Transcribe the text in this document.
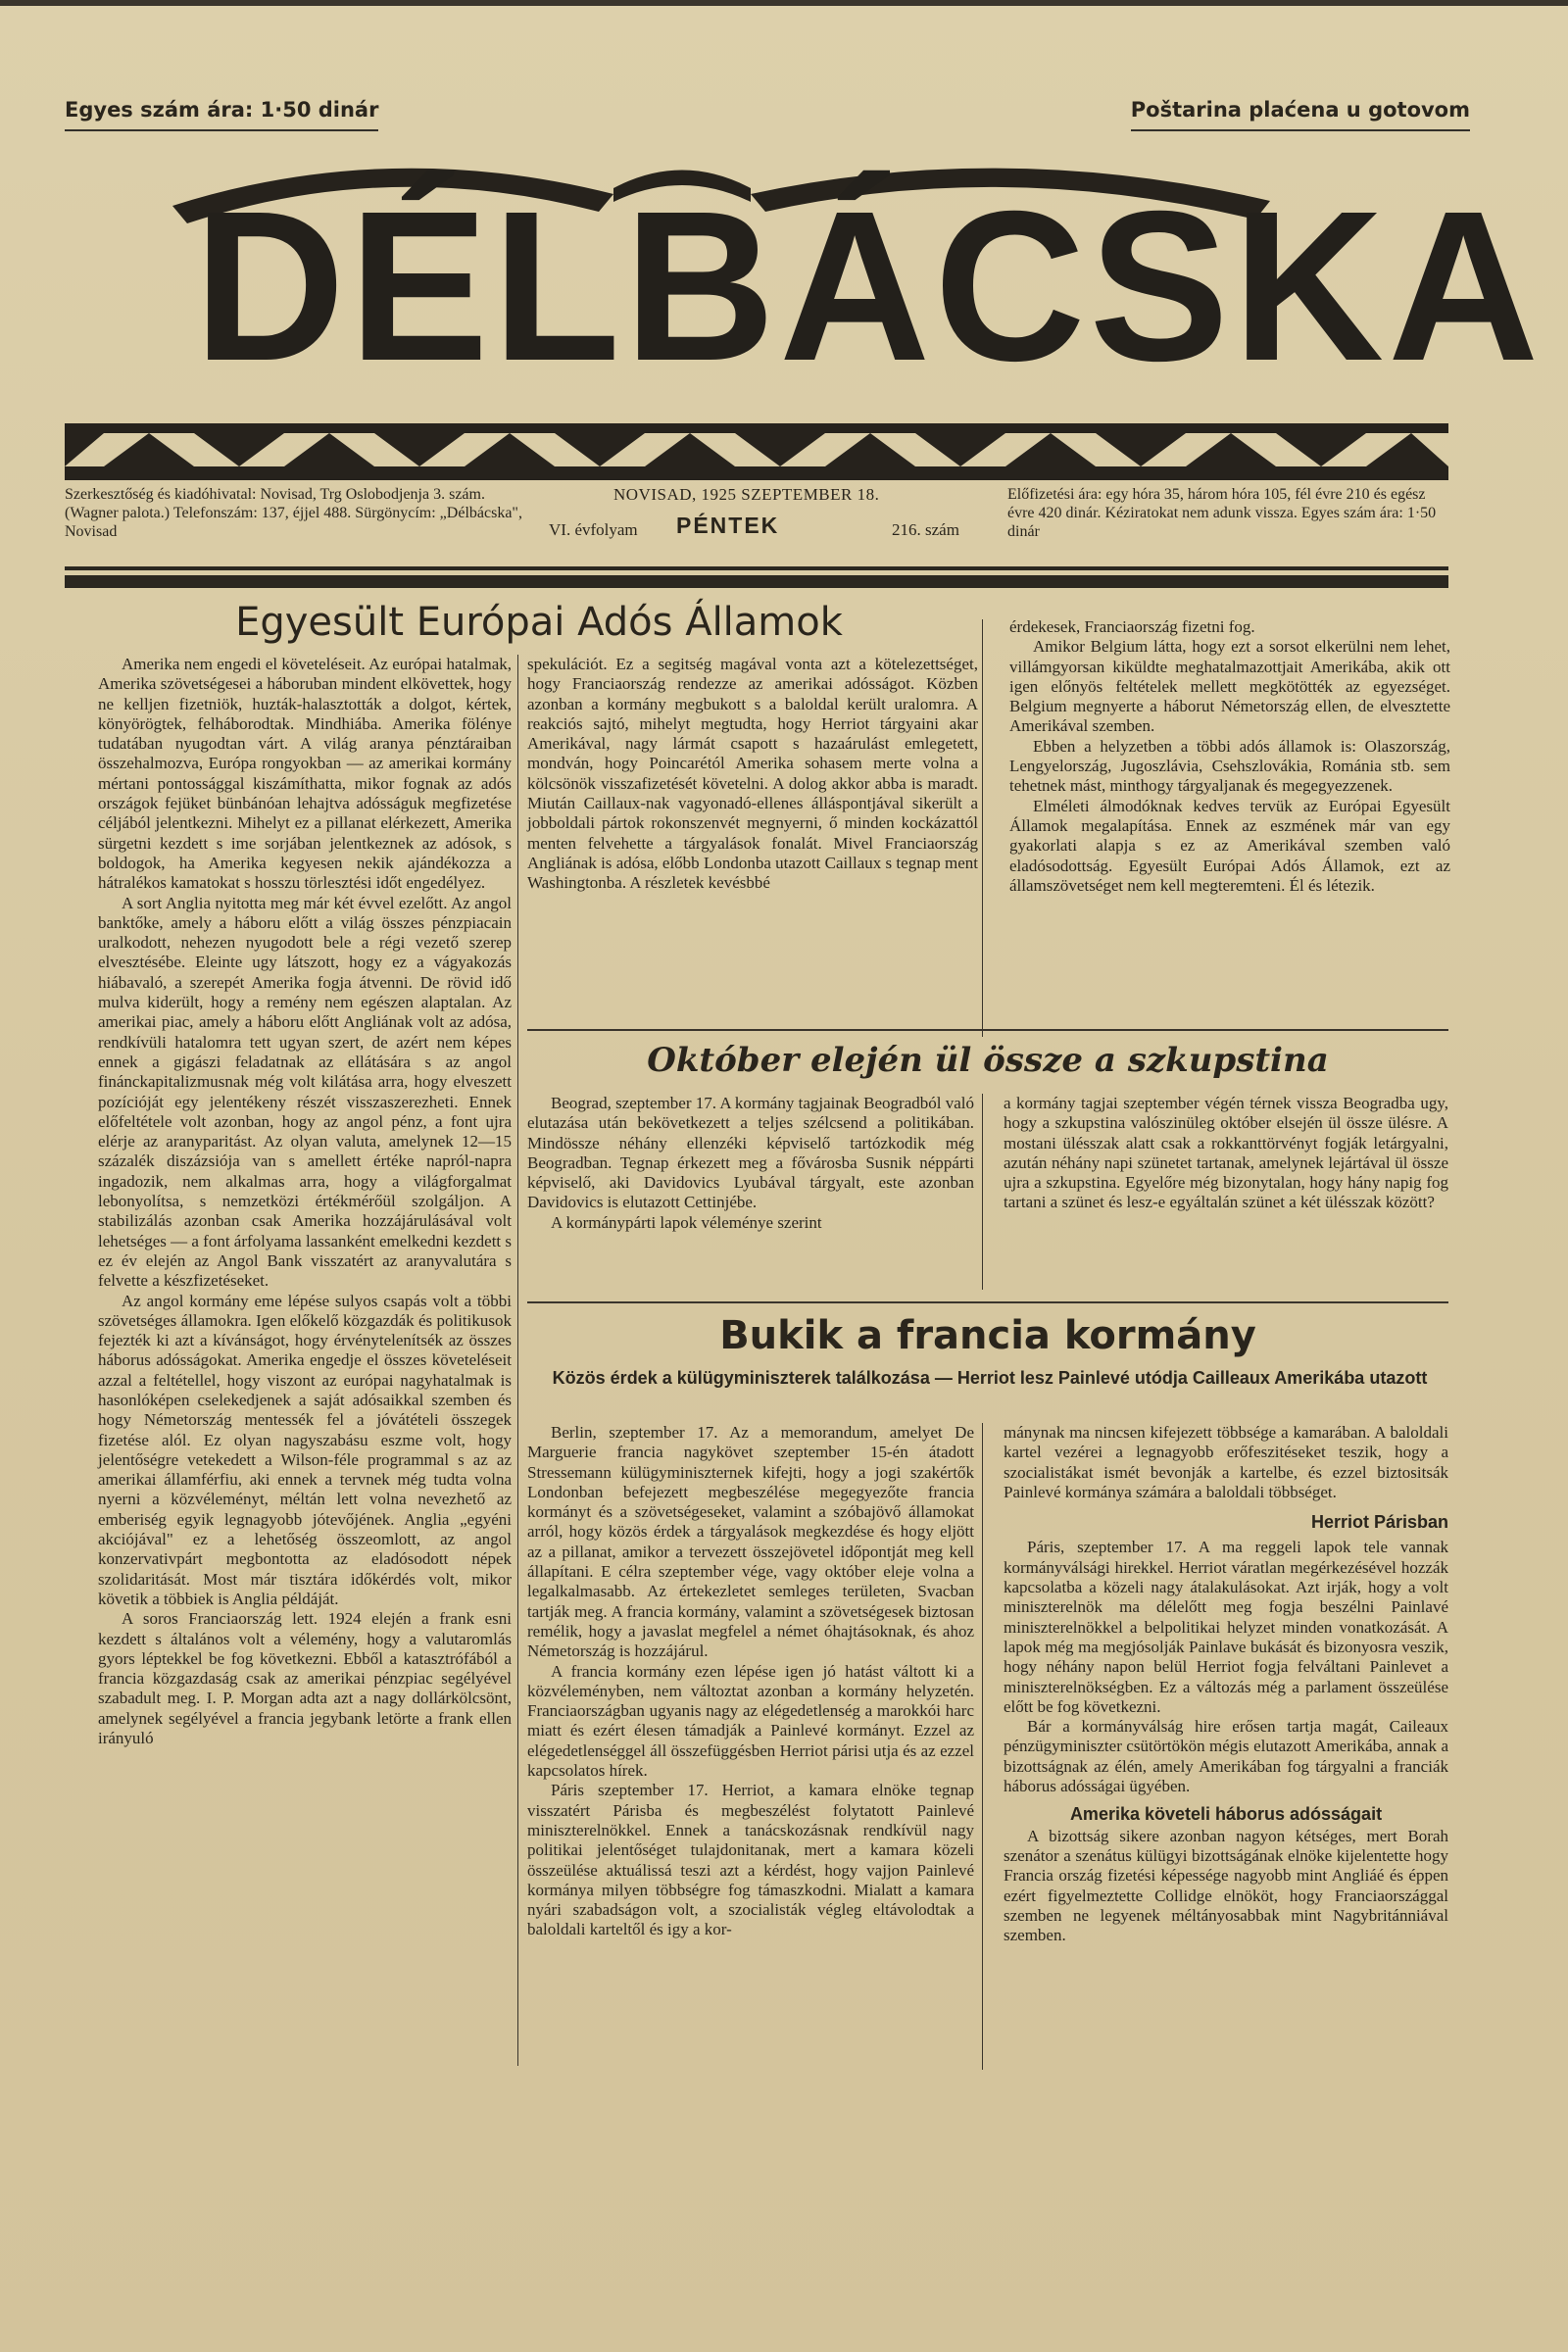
Egyes szám ára: 1·50 dinár	Poštarina plaćena u gotovom
DÉLBÁCSKA
Szerkesztőség és kiadóhivatal: Novisad, Trg Oslobodjenja 3. szám. (Wagner palota.) Telefonszám: 137, éjjel 488. Sürgönycím: „Délbácska", Novisad
NOVISAD, 1925 SZEPTEMBER 18.
VI. évfolyam PÉNTEK	216. szám
Előfizetési ára: egy hóra 35, három hóra 105, fél évre 210 és egész évre 420 dinár. Kéziratokat nem adunk vissza. Egyes szám ára: 1·50 dinár
Egyesült Európai Adós Államok

Amerika nem engedi el követeléseit. Az európai hatalmak, Amerika szövetségesei a háboruban mindent elkövettek, hogy ne kelljen fizetniök, huzták-halasztották a dolgot, kértek, könyörögtek, felháborodtak. Mindhiába. Amerika fölénye tudatában nyugodtan várt. A világ aranya pénztáraiban összehalmozva, Európa rongyokban — az amerikai kormány mértani pontossággal kiszámíthatta, mikor fognak az adós országok fejüket bünbánóan lehajtva adósságuk megfizetése céljából jelentkezni. Mihelyt ez a pillanat elérkezett, Amerika sürgetni kezdett s ime sorjában jelentkeznek az adósok, s boldogok, ha Amerika kegyesen nekik ajándékozza a hátralékos kamatokat s hosszu törlesztési időt engedélyez.

A sort Anglia nyitotta meg már két évvel ezelőtt. Az angol banktőke, amely a háboru előtt a világ összes pénzpiacain uralkodott, nehezen nyugodott bele a régi vezető szerep elvesztésébe. Eleinte ugy látszott, hogy ez a vágyakozás hiábavaló, a szerepét Amerika fogja átvenni. De rövid idő mulva kiderült, hogy a remény nem egészen alaptalan. Az amerikai piac, amely a háboru előtt Angliának volt az adósa, rendkívüli hatalomra tett ugyan szert, de azért nem képes ennek a gigászi feladatnak az ellátására s az angol finánckapitalizmusnak még volt kilátása arra, hogy elveszett pozícióját egy jelentékeny részét visszaszerezheti. Ennek előfeltétele volt azonban, hogy az angol pénz, a font ujra elérje az aranyparitást. Az olyan valuta, amelynek 12—15 százalék diszázsiója van s amellett értéke napról-napra ingadozik, nem alkalmas arra, hogy a világforgalmat lebonyolítsa, s nemzetközi értékmérőül szolgáljon. A stabilizálás azonban csak Amerika hozzájárulásával volt lehetséges — a font árfolyama lassanként emelkedni kezdett s ez év elején az Angol Bank visszatért az aranyvalutára s felvette a készfizetéseket.

Az angol kormány eme lépése sulyos csapás volt a többi szövetséges államokra. Igen előkelő közgazdák és politikusok fejezték ki azt a kívánságot, hogy érvénytelenítsék az összes háborus adósságokat. Amerika engedje el összes követeléseit azzal a feltétellel, hogy viszont az európai nagyhatalmak is hasonlóképen cselekedjenek a saját adósaikkal szemben és hogy Németország mentessék fel a jóvátételi összegek fizetése alól. Ez olyan nagyszabásu eszme volt, hogy jelentőségre vetekedett a Wilson-féle programmal s az az amerikai államférfiu, aki ennek a tervnek még tudta volna nyerni a közvéleményt, méltán lett volna nevezhető az emberiség egyik legnagyobb jótevőjének. Anglia „egyéni akciójával" ez a lehetőség összeomlott, az angol konzervativpárt megbontotta az eladósodott népek szolidaritását. Most már tisztára időkérdés volt, mikor követik a többiek is Anglia példáját.

A soros Franciaország lett. 1924 elején a frank esni kezdett s általános volt a vélemény, hogy a valutaromlás gyors léptekkel be fog következni. Ebből a katasztrófából a francia közgazdaság csak az amerikai pénzpiac segélyével szabadult meg. I. P. Morgan adta azt a nagy dollárkölcsönt, amelynek segélyével a francia jegybank letörte a frank ellen irányuló

spekulációt. Ez a segitség magával vonta azt a kötelezettséget, hogy Franciaország rendezze az amerikai adósságot. Közben azonban a kormány megbukott s a baloldal került uralomra. A reakciós sajtó, mihelyt megtudta, hogy Herriot tárgyaini akar Amerikával, nagy lármát csapott s hazaárulást emlegetett, mondván, hogy Poincarétól Amerika sohasem merte volna a kölcsönök visszafizetését követelni. A dolog akkor abba is maradt. Miután Caillaux-nak vagyonadó-ellenes álláspontjával sikerült a jobboldali pártok rokonszenvét megnyerni, ő minden kockázattól menten felvehette a tárgyalások fonalát. Mivel Franciaország Angliának is adósa, előbb Londonba utazott Caillaux s tegnap ment Washingtonba. A részletek kevésbbé

érdekesek, Franciaország fizetni fog.

Amikor Belgium látta, hogy ezt a sorsot elkerülni nem lehet, villámgyorsan kiküldte meghatalmazottjait Amerikába, akik ott igen előnyös feltételek mellett megkötötték az egyezséget. Belgium megnyerte a háborut Németország ellen, de elvesztette Amerikával szemben.

Ebben a helyzetben a többi adós államok is: Olaszország, Lengyelország, Jugoszlávia, Csehszlovákia, Románia stb. sem tehetnek mást, minthogy tárgyaljanak és megegyezzenek.

Elméleti álmodóknak kedves tervük az Európai Egyesült Államok megalapítása. Ennek az eszmének már van egy gyakorlati alapja s ez az Amerikával szemben való eladósodottság. Egyesült Európai Adós Államok, ezt az államszövetséget nem kell megteremteni. Él és létezik.

Október elején ül össze a szkupstina

Beograd, szeptember 17. A kormány tagjainak Beogradból való elutazása után bekövetkezett a teljes szélcsend a politikában. Mindössze néhány ellenzéki képviselő tartózkodik még Beogradban. Tegnap érkezett meg a fővárosba Susnik néppárti képviselő, aki Davidovics Lyubával tárgyalt, este azonban Davidovics is elutazott Cettinjébe.

A kormánypárti lapok véleménye szerint

a kormány tagjai szeptember végén térnek vissza Beogradba ugy, hogy a szkupstina valószinüleg október elsején ül össze ülésre. A mostani ülésszak alatt csak a rokkanttörvényt fogják letárgyalni, azután néhány napi szünetet tartanak, amelynek lejártával ül össze ujra a szkupstina. Egyelőre még bizonytalan, hogy hány napig fog tartani a szünet és lesz-e egyáltalán szünet a két ülésszak között?

Bukik a francia kormány
Közös érdek a külügyminiszterek találkozása — Herriot lesz Painlevé utódja Cailleaux Amerikába utazott

Berlin, szeptember 17. Az a memorandum, amelyet De Marguerie francia nagykövet szeptember 15-én átadott Stressemann külügyminiszternek kifejti, hogy a jogi szakértők Londonban befejezett megbeszélése megegyezőte francia kormányt és a szövetségeseket, valamint a szóbajövő államokat arról, hogy közös érdek a tárgyalások megkezdése és hogy eljött az a pillanat, amikor a tervezett összejövetel időpontját meg kell állapítani. E célra szeptember vége, vagy október eleje volna a legalkalmasabb. Az értekezletet semleges területen, Svacban tartják meg. A francia kormány, valamint a szövetségesek biztosan remélik, hogy a javaslat megfelel a német óhajtásoknak, és ahoz Németország is hozzájárul.

A francia kormány ezen lépése igen jó hatást váltott ki a közvéleményben, nem változtat azonban a kormány helyzetén. Franciaországban ugyanis nagy az elégedetlenség a marokkói harc miatt és ezért élesen támadják a Painlevé kormányt. Ezzel az elégedetlenséggel áll összefüggésben Herriot párisi utja és az ezzel kapcsolatos hírek.

Páris szeptember 17. Herriot, a kamara elnöke tegnap visszatért Párisba és megbeszélést folytatott Painlevé miniszterelnökkel. Ennek a tanácskozásnak rendkívül nagy politikai jelentőséget tulajdonitanak, mert a kamara közeli összeülése aktuálissá teszi azt a kérdést, hogy vajjon Painlevé kormánya milyen többségre fog támaszkodni. Mialatt a kamara nyári szabadságon volt, a szocialisták végleg eltávolodtak a baloldali karteltől és igy a kor-

mánynak ma nincsen kifejezett többsége a kamarában. A baloldali kartel vezérei a legnagyobb erőfeszitéseket teszik, hogy a szocialistákat ismét bevonják a kartelbe, és ezzel biztositsák Painlevé kormánya számára a baloldali többséget.

Herriot Párisban

Páris, szeptember 17. A ma reggeli lapok tele vannak kormányválsági hirekkel. Herriot váratlan megérkezésével hozzák kapcsolatba a közeli nagy átalakulásokat. Azt irják, hogy a volt miniszterelnök ma délelőtt meg fogja beszélni Painlavé miniszterelnökkel a belpolitikai helyzet minden vonatkozását. A lapok még ma megjósolják Painlave bukását és bizonyosra veszik, hogy néhány napon belül Herriot fogja felváltani Painlevet a miniszterelnökségben. Ez a változás még a parlament összeülése előtt be fog következni.

Bár a kormányválság hire erősen tartja magát, Caileaux pénzügyminiszter csütörtökön mégis elutazott Amerikába, annak a bizottságnak az élén, amely Amerikában fog tárgyalni a franciák háborus adósságai ügyében.

Amerika követeli háborus adósságait

A bizottság sikere azonban nagyon kétséges, mert Borah szenátor a szenátus külügyi bizottságának elnöke kijelentette hogy Francia ország fizetési képessége nagyobb mint Angliáé és éppen ezért figyelmeztette Collidge elnököt, hogy Franciaországgal szemben ne legyenek méltányosabbak mint Nagybritánniával szemben.
